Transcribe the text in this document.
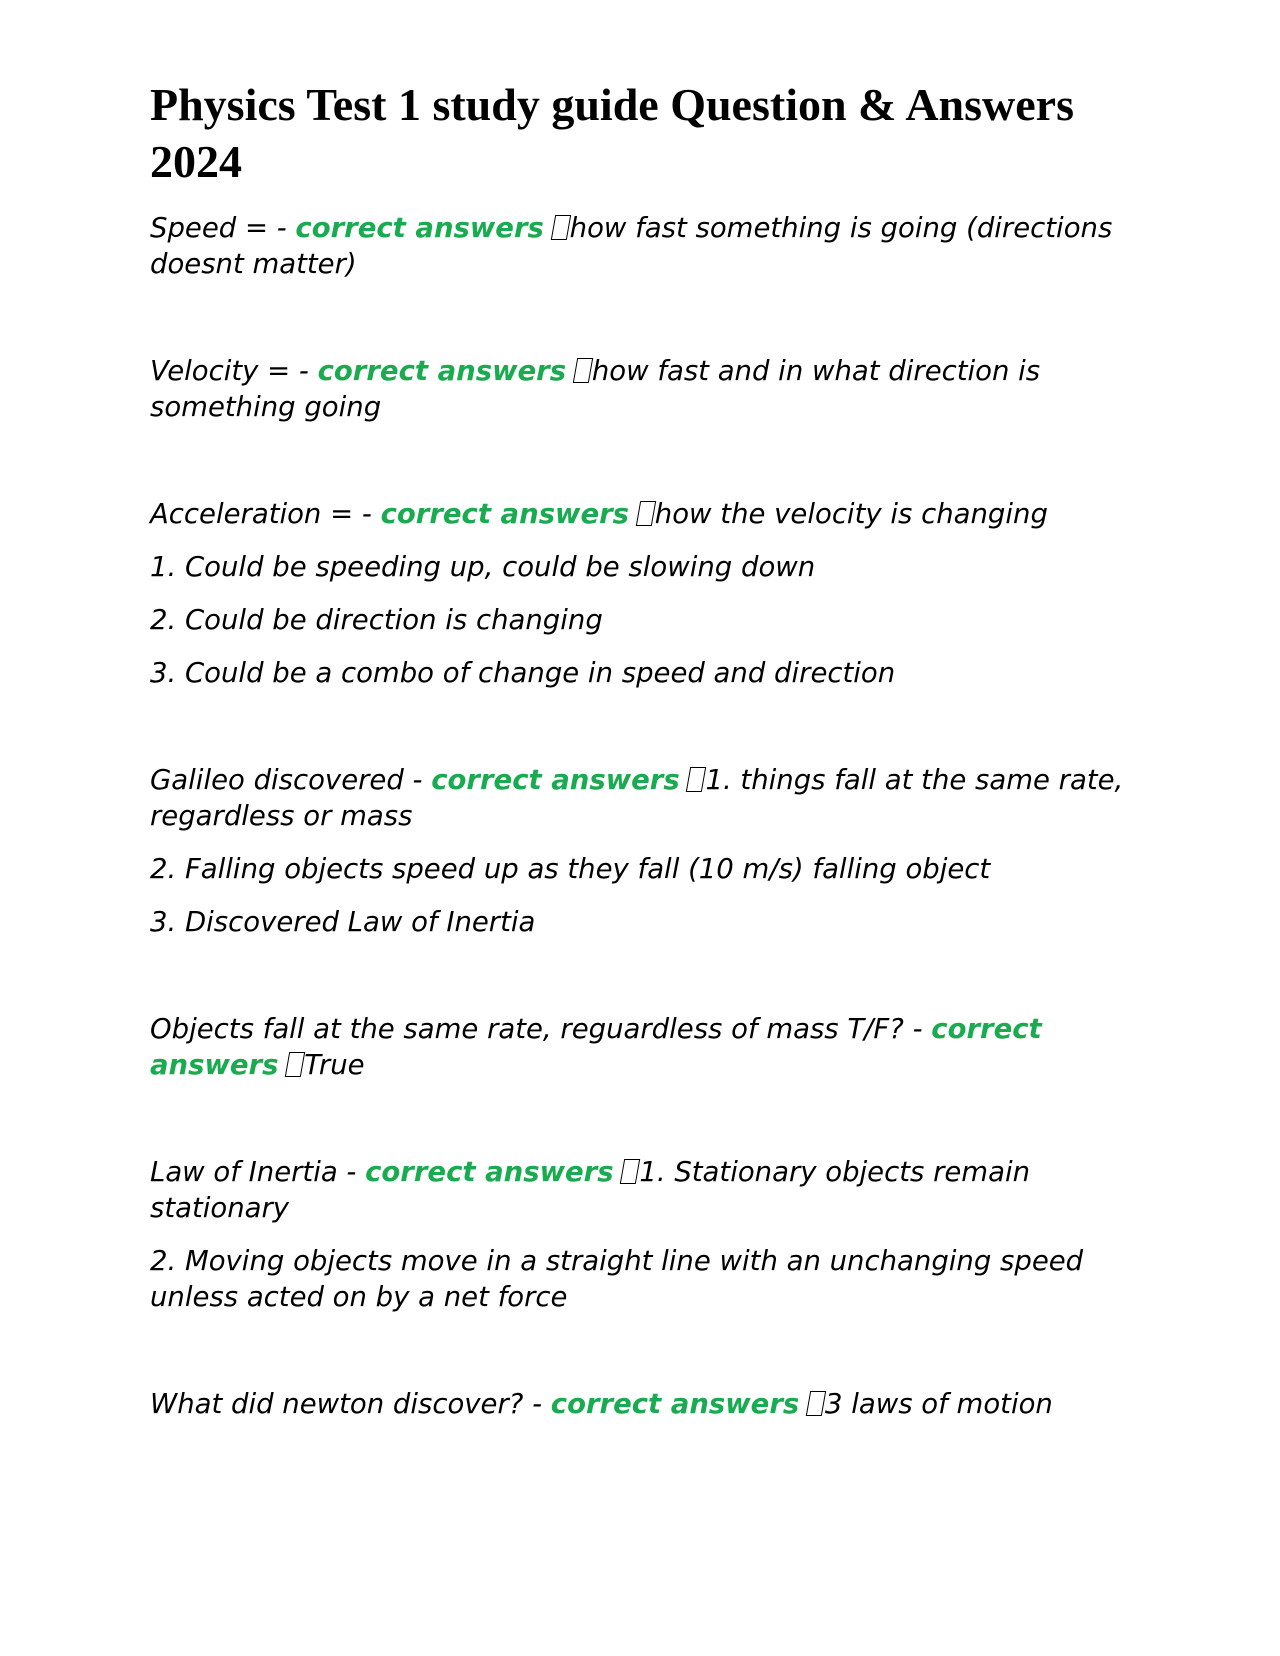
Physics Test 1 study guide Question & Answers 2024

Speed = - correct answers how fast something is going (directions doesnt matter)

Velocity = - correct answers how fast and in what direction is something going

Acceleration = - correct answers how the velocity is changing

1. Could be speeding up, could be slowing down

2. Could be direction is changing

3. Could be a combo of change in speed and direction

Galileo discovered - correct answers 1. things fall at the same rate, regardless or mass

2. Falling objects speed up as they fall (10 m/s) falling object

3. Discovered Law of Inertia

Objects fall at the same rate, reguardless of mass T/F? - correct answers True

Law of Inertia - correct answers 1. Stationary objects remain stationary

2. Moving objects move in a straight line with an unchanging speed unless acted on by a net force

What did newton discover? - correct answers 3 laws of motion
